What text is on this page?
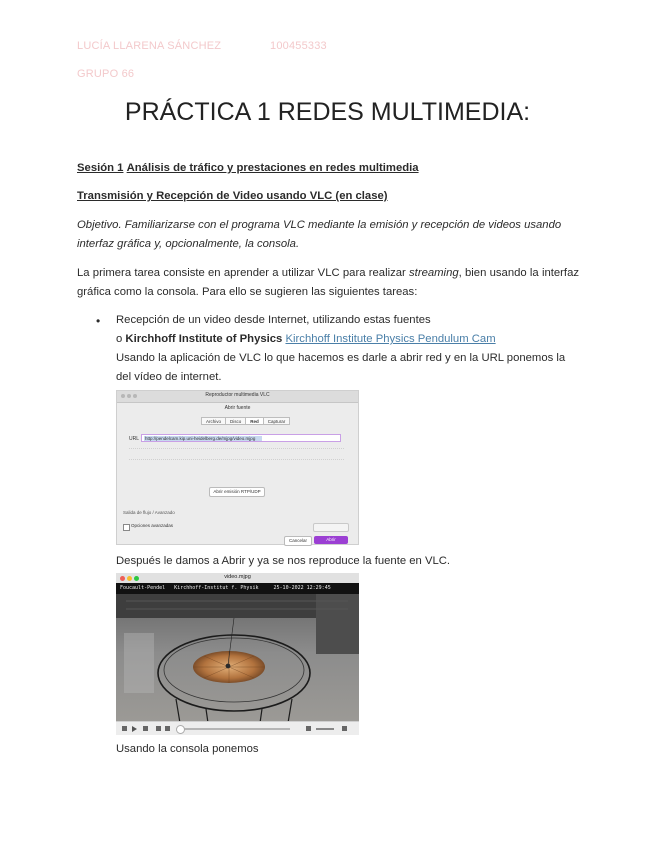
LUCÍA LLARENA SÁNCHEZ	100455333
GRUPO 66
PRÁCTICA 1 REDES MULTIMEDIA:
Sesión 1 Análisis de tráfico y prestaciones en redes multimedia
Transmisión y Recepción de Video usando VLC (en clase)
Objetivo. Familiarizarse con el programa VLC mediante la emisión y recepción de videos usando interfaz gráfica y, opcionalmente, la consola.
La primera tarea consiste en aprender a utilizar VLC para realizar streaming, bien usando la interfaz gráfica como la consola. Para ello se sugieren las siguientes tareas:
• Recepción de un video desde Internet, utilizando estas fuentes
o Kirchhoff Institute of Physics Kirchhoff Institute Physics Pendulum Cam
Usando la aplicación de VLC lo que hacemos es darle a abrir red y en la URL ponemos la del vídeo de internet.
Reproductor multimedia VLC
Abrir fuente
Archivo	Disco	Red	Capturar
URL	http://pendelcam.kip.uni-heidelberg.de/mjpg/video.mjpg
Abrir emisión RTP/UDP
Salida de flujo / Avanzado
Opciones avanzadas
Cancelar	Abrir
Después le damos a Abrir y ya se nos reproduce la fuente en VLC.
video.mjpg
Foucault-Pendel   Kirchhoff-Institut f. Physik     25-10-2022 12:29:45
Usando la consola ponemos
